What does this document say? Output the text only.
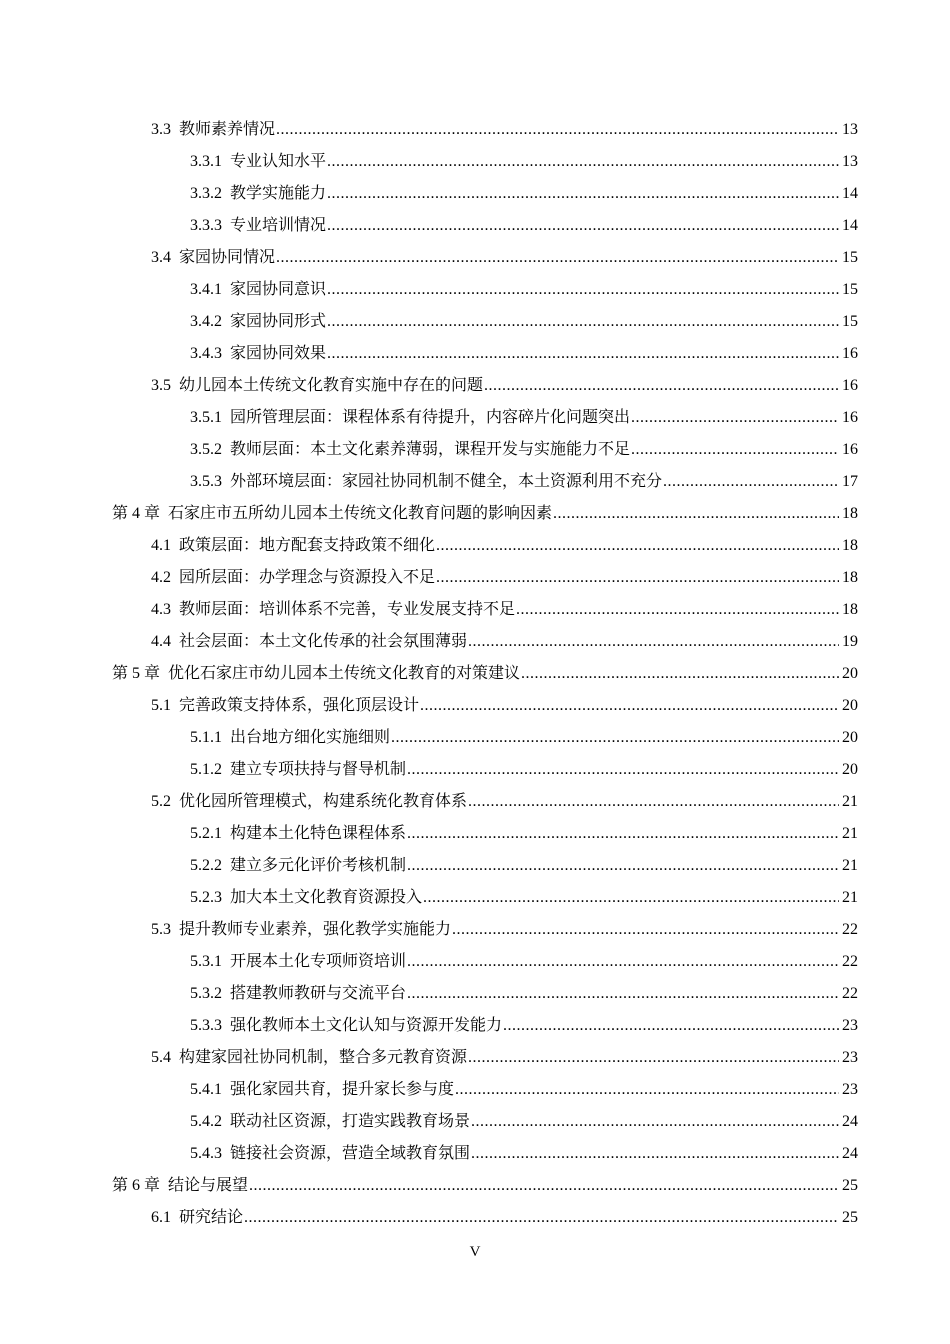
3.3 教师素养情况 .....	13
3.3.1 专业认知水平 .....	13
3.3.2 教学实施能力 .....	14
3.3.3 专业培训情况 .....	14
3.4 家园协同情况 .....	15
3.4.1 家园协同意识 .....	15
3.4.2 家园协同形式 .....	15
3.4.3 家园协同效果 .....	16
3.5 幼儿园本土传统文化教育实施中存在的问题 .....	16
3.5.1 园所管理层面：课程体系有待提升，内容碎片化问题突出 .....	16
3.5.2 教师层面：本土文化素养薄弱，课程开发与实施能力不足 .....	16
3.5.3 外部环境层面：家园社协同机制不健全，本土资源利用不充分 .....	17
第 4 章 石家庄市五所幼儿园本土传统文化教育问题的影响因素 .....	18
4.1 政策层面：地方配套支持政策不细化 .....	18
4.2 园所层面：办学理念与资源投入不足 .....	18
4.3 教师层面：培训体系不完善，专业发展支持不足 .....	18
4.4 社会层面：本土文化传承的社会氛围薄弱 .....	19
第 5 章 优化石家庄市幼儿园本土传统文化教育的对策建议 .....	20
5.1 完善政策支持体系，强化顶层设计 .....	20
5.1.1 出台地方细化实施细则 .....	20
5.1.2 建立专项扶持与督导机制 .....	20
5.2 优化园所管理模式，构建系统化教育体系 .....	21
5.2.1 构建本土化特色课程体系 .....	21
5.2.2 建立多元化评价考核机制 .....	21
5.2.3 加大本土文化教育资源投入 .....	21
5.3 提升教师专业素养，强化教学实施能力 .....	22
5.3.1 开展本土化专项师资培训 .....	22
5.3.2 搭建教师教研与交流平台 .....	22
5.3.3 强化教师本土文化认知与资源开发能力 .....	23
5.4 构建家园社协同机制，整合多元教育资源 .....	23
5.4.1 强化家园共育，提升家长参与度 .....	23
5.4.2 联动社区资源，打造实践教育场景 .....	24
5.4.3 链接社会资源，营造全域教育氛围 .....	24
第 6 章 结论与展望 .....	25
6.1 研究结论 .....	25
V
